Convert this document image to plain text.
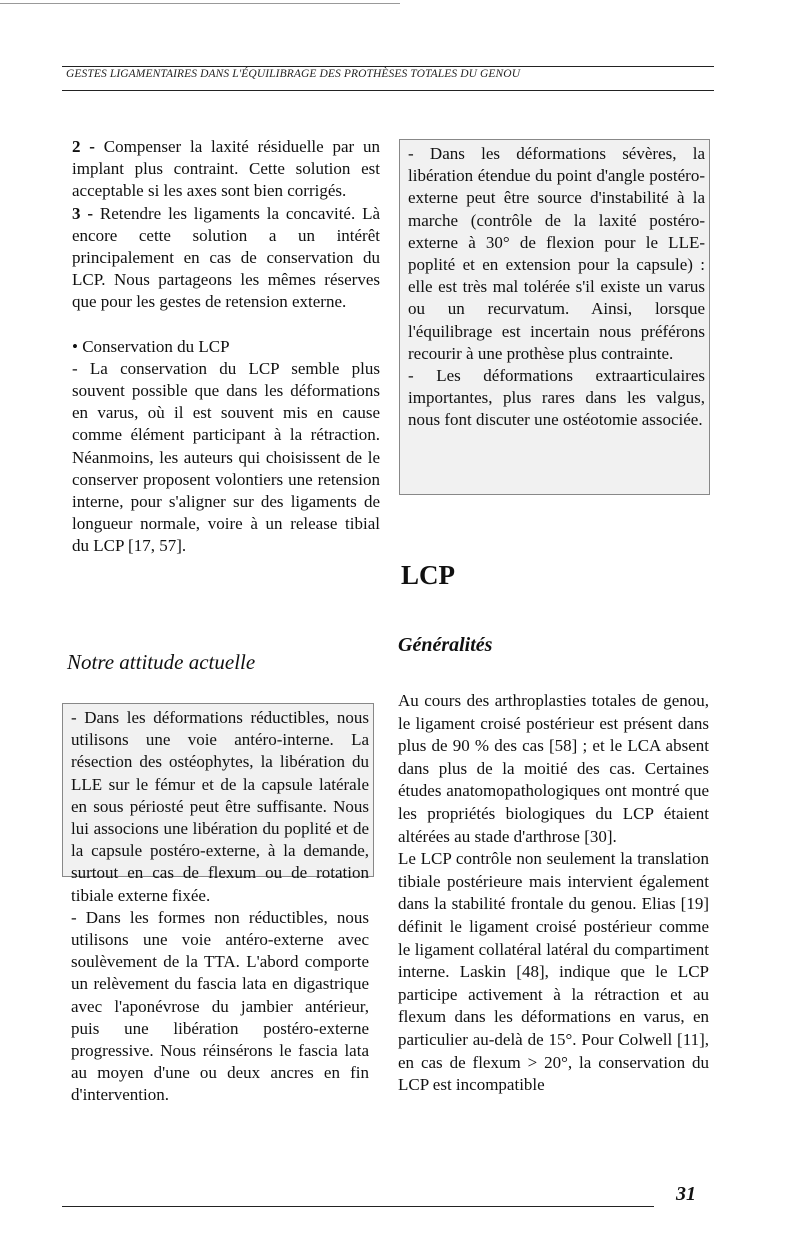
GESTES LIGAMENTAIRES DANS L'ÉQUILIBRAGE DES PROTHÈSES TOTALES DU GENOU

2 - Compenser la laxité résiduelle par un implant plus contraint. Cette solution est acceptable si les axes sont bien corrigés.

3 - Retendre les ligaments la concavité. Là encore cette solution a un intérêt principalement en cas de conservation du LCP. Nous partageons les mêmes réserves que pour les gestes de retension externe.

• Conservation du LCP

- La conservation du LCP semble plus souvent possible que dans les déformations en varus, où il est souvent mis en cause comme élément participant à la rétraction. Néanmoins, les auteurs qui choisissent de le conserver proposent volontiers une retension interne, pour s'aligner sur des ligaments de longueur normale, voire à un release tibial du LCP [17, 57].

Notre attitude actuelle

- Dans les déformations réductibles, nous utilisons une voie antéro-interne. La résection des ostéophytes, la libération du LLE sur le fémur et de la capsule latérale en sous périosté peut être suffisante. Nous lui associons une libération du poplité et de la capsule postéro-externe, à la demande, surtout en cas de flexum ou de rotation tibiale externe fixée.

- Dans les formes non réductibles, nous utilisons une voie antéro-externe avec soulèvement de la TTA. L'abord comporte un relèvement du fascia lata en digastrique avec l'aponévrose du jambier antérieur, puis une libération postéro-externe progressive. Nous réinsérons le fascia lata au moyen d'une ou deux ancres en fin d'intervention.

- Dans les déformations sévères, la libération étendue du point d'angle postéro-externe peut être source d'instabilité à la marche (contrôle de la laxité postéro-externe à 30° de flexion pour le LLE-poplité et en extension pour la capsule) : elle est très mal tolérée s'il existe un varus ou un recurvatum. Ainsi, lorsque l'équilibrage est incertain nous préférons recourir à une prothèse plus contrainte.

- Les déformations extraarticulaires importantes, plus rares dans les valgus, nous font discuter une ostéotomie associée.

LCP
Généralités

Au cours des arthroplasties totales de genou, le ligament croisé postérieur est présent dans plus de 90 % des cas [58] ; et le LCA absent dans plus de la moitié des cas. Certaines études anatomopathologiques ont montré que les propriétés biologiques du LCP étaient altérées au stade d'arthrose [30].

Le LCP contrôle non seulement la translation tibiale postérieure mais intervient également dans la stabilité frontale du genou. Elias [19] définit le ligament croisé postérieur comme le ligament collatéral latéral du compartiment interne. Laskin [48], indique que le LCP participe activement à la rétraction et au flexum dans les déformations en varus, en particulier au-delà de 15°. Pour Colwell [11], en cas de flexum > 20°, la conservation du LCP est incompatible

31
